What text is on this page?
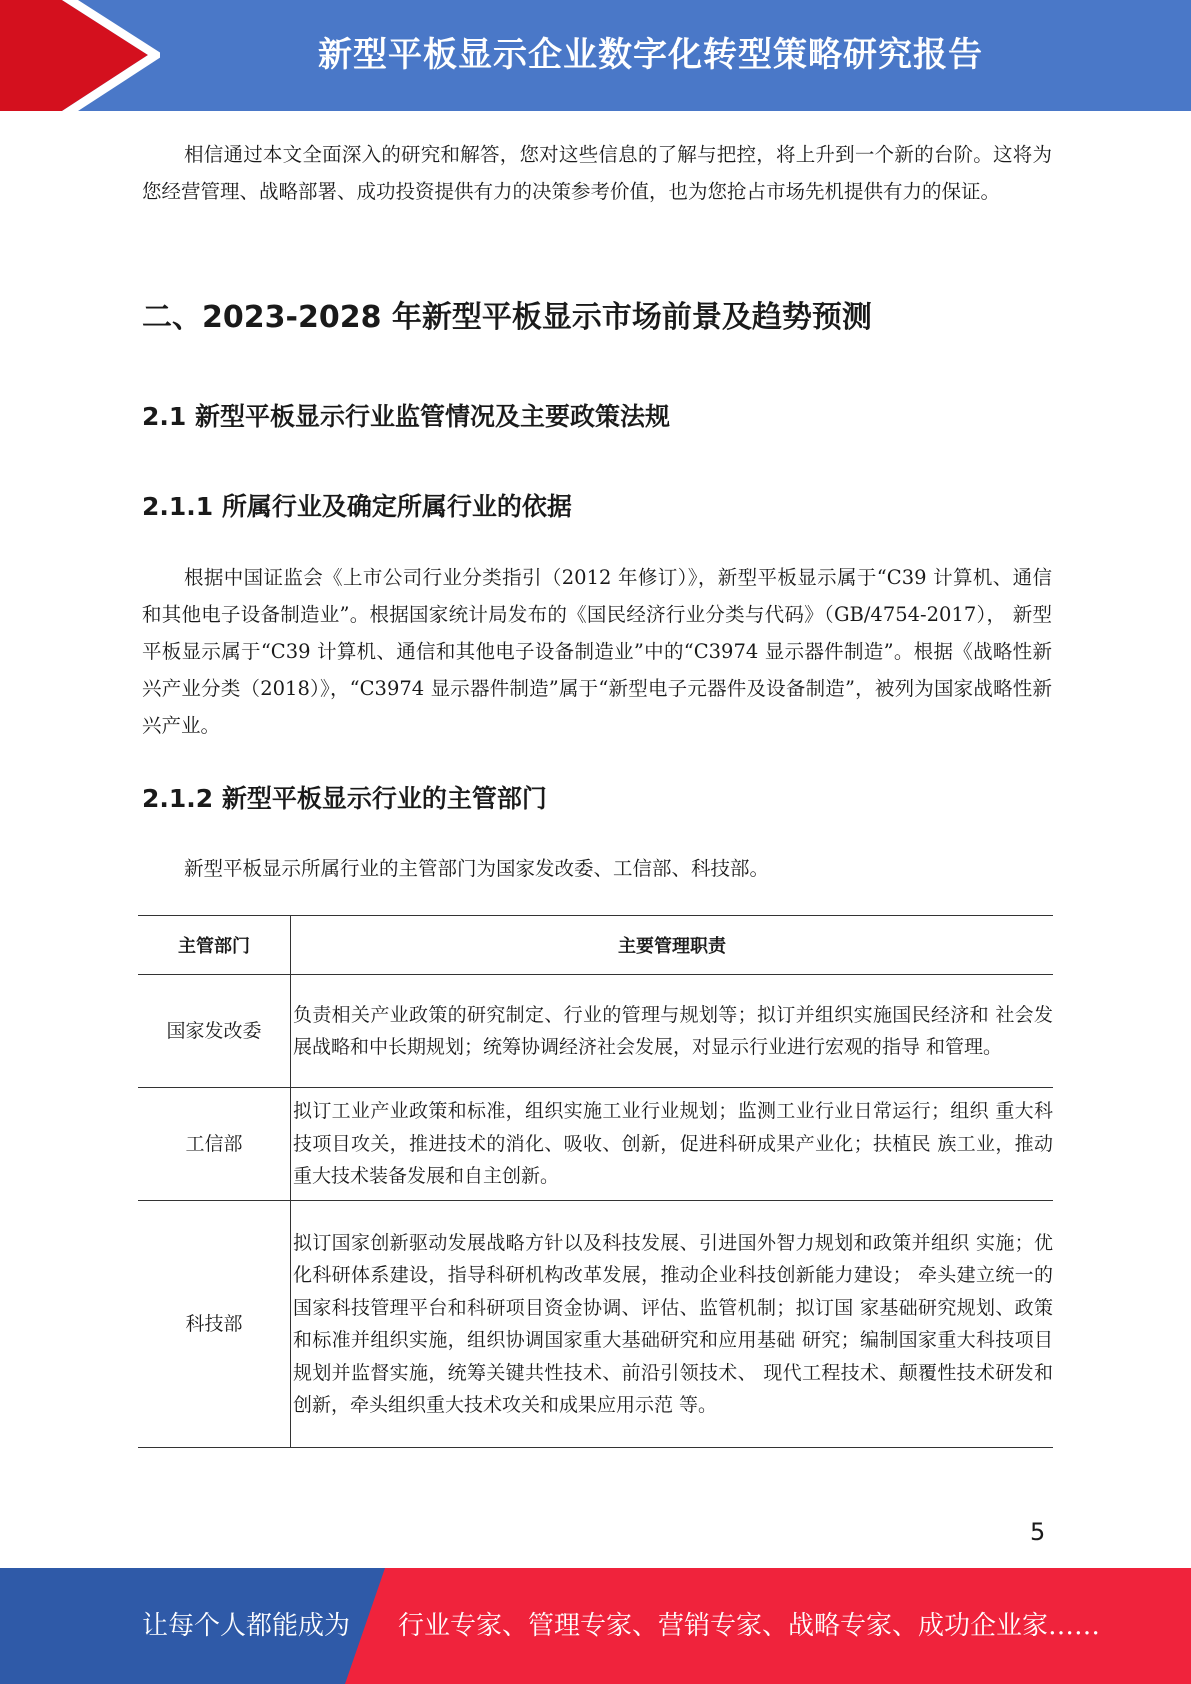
新型平板显示企业数字化转型策略研究报告
相信通过本文全面深入的研究和解答，您对这些信息的了解与把控，将上升到一个新的台阶。这将为您经营管理、战略部署、成功投资提供有力的决策参考价值，也为您抢占市场先机提供有力的保证。
二、2023-2028 年新型平板显示市场前景及趋势预测
2.1 新型平板显示行业监管情况及主要政策法规
2.1.1 所属行业及确定所属行业的依据
根据中国证监会《上市公司行业分类指引（2012 年修订）》，新型平板显示属于“C39 计算机、通信和其他电子设备制造业”。根据国家统计局发布的《国民经济行业分类与代码》（GB/4754-2017）， 新型平板显示属于“C39 计算机、通信和其他电子设备制造业”中的“C3974 显示器件制造”。根据《战略性新兴产业分类（2018）》，“C3974 显示器件制造”属于“新型电子元器件及设备制造”，被列为国家战略性新兴产业。
2.1.2 新型平板显示行业的主管部门
新型平板显示所属行业的主管部门为国家发改委、工信部、科技部。
主管部门	主要管理职责
国家发改委	负责相关产业政策的研究制定、行业的管理与规划等；拟订并组织实施国民经济和 社会发展战略和中长期规划；统筹协调经济社会发展，对显示行业进行宏观的指导 和管理。
工信部	拟订工业产业政策和标准，组织实施工业行业规划；监测工业行业日常运行；组织 重大科技项目攻关，推进技术的消化、吸收、创新，促进科研成果产业化；扶植民 族工业，推动重大技术装备发展和自主创新。
科技部	拟订国家创新驱动发展战略方针以及科技发展、引进国外智力规划和政策并组织 实施；优化科研体系建设，指导科研机构改革发展，推动企业科技创新能力建设； 牵头建立统一的国家科技管理平台和科研项目资金协调、评估、监管机制；拟订国 家基础研究规划、政策和标准并组织实施，组织协调国家重大基础研究和应用基础 研究；编制国家重大科技项目规划并监督实施，统筹关键共性技术、前沿引领技术、 现代工程技术、颠覆性技术研发和创新，牵头组织重大技术攻关和成果应用示范 等。
5
让每个人都能成为 行业专家、管理专家、营销专家、战略专家、成功企业家……
